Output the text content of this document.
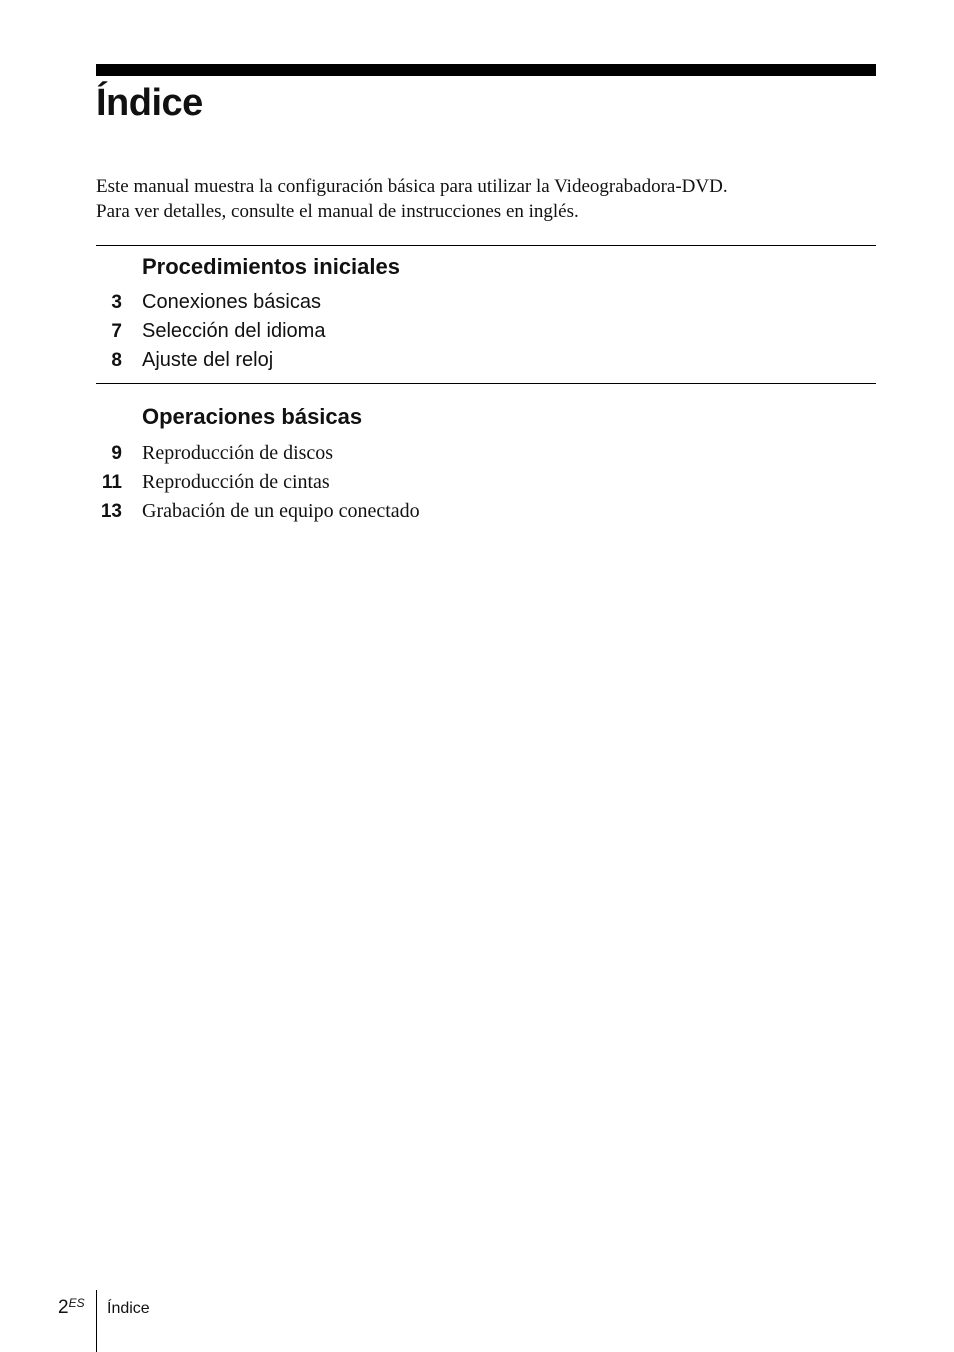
Índice
Este manual muestra la configuración básica para utilizar la Videograbadora-DVD.
Para ver detalles, consulte el manual de instrucciones en inglés.
Procedimientos iniciales
3 Conexiones básicas
7 Selección del idioma
8 Ajuste del reloj
Operaciones básicas
9 Reproducción de discos
11 Reproducción de cintas
13 Grabación de un equipo conectado
$2^{ES}$ Índice
